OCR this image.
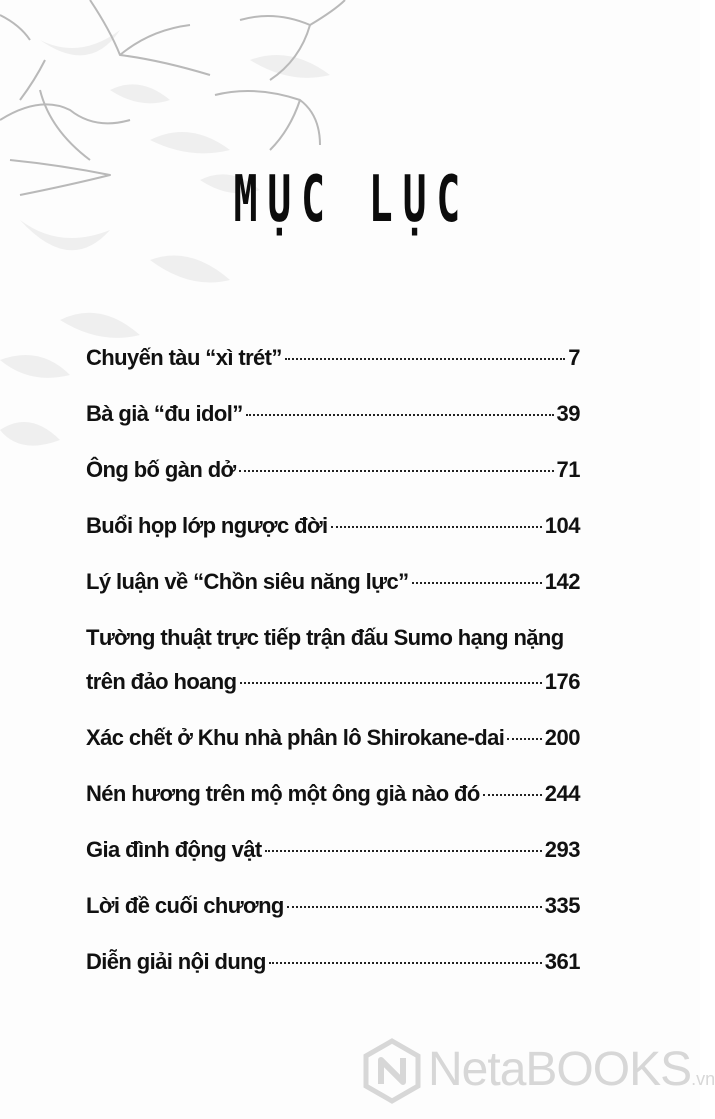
MỤC LỤC
Chuyến tàu “xì trét”	7
Bà già “đu idol”	39
Ông bố gàn dở	71
Buổi họp lớp ngược đời	104
Lý luận về “Chồn siêu năng lực”	142
Tường thuật trực tiếp trận đấu Sumo hạng nặng
trên đảo hoang	176
Xác chết ở Khu nhà phân lô Shirokane-dai 200
Nén hương trên mộ một ông già nào đó	244
Gia đình động vật	293
Lời đề cuối chương	335
Diễn giải nội dung	361
NetaBOOKS.vn
